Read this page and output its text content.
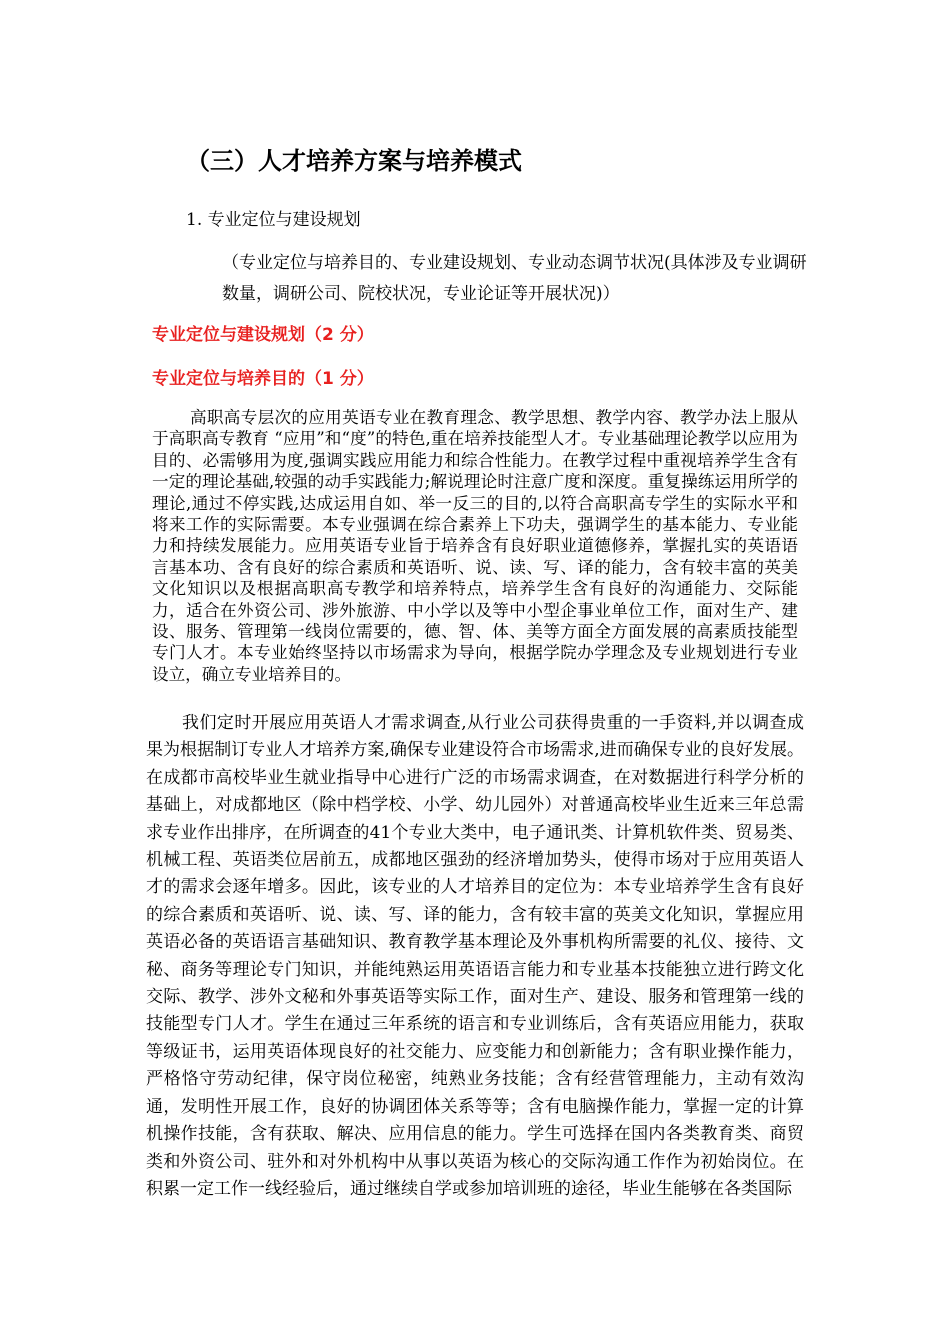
（三）人才培养方案与培养模式

1. 专业定位与建设规划

（专业定位与培养目的、专业建设规划、专业动态调节状况(具体涉及专业调研数量，调研公司、院校状况，专业论证等开展状况)）

专业定位与建设规划（2 分）

专业定位与培养目的（1 分）

高职高专层次的应用英语专业在教育理念、教学思想、教学内容、教学办法上服从于高职高专教育 “应用”和“度”的特色,重在培养技能型人才。专业基础理论教学以应用为目的、必需够用为度,强调实践应用能力和综合性能力。在教学过程中重视培养学生含有一定的理论基础,较强的动手实践能力;解说理论时注意广度和深度。重复操练运用所学的理论,通过不停实践,达成运用自如、举一反三的目的,以符合高职高专学生的实际水平和将来工作的实际需要。本专业强调在综合素养上下功夫，强调学生的基本能力、专业能力和持续发展能力。应用英语专业旨于培养含有良好职业道德修养，掌握扎实的英语语言基本功、含有良好的综合素质和英语听、说、读、写、译的能力，含有较丰富的英美文化知识以及根据高职高专教学和培养特点，培养学生含有良好的沟通能力、交际能力，适合在外资公司、涉外旅游、中小学以及等中小型企事业单位工作，面对生产、建设、服务、管理第一线岗位需要的，德、智、体、美等方面全方面发展的高素质技能型专门人才。本专业始终坚持以市场需求为导向，根据学院办学理念及专业规划进行专业设立，确立专业培养目的。

我们定时开展应用英语人才需求调查,从行业公司获得贵重的一手资料,并以调查成果为根据制订专业人才培养方案,确保专业建设符合市场需求,进而确保专业的良好发展。在成都市高校毕业生就业指导中心进行广泛的市场需求调查，在对数据进行科学分析的基础上，对成都地区（除中档学校、小学、幼儿园外）对普通高校毕业生近来三年总需求专业作出排序，在所调查的41个专业大类中，电子通讯类、计算机软件类、贸易类、机械工程、英语类位居前五，成都地区强劲的经济增加势头，使得市场对于应用英语人才的需求会逐年增多。因此，该专业的人才培养目的定位为：本专业培养学生含有良好的综合素质和英语听、说、读、写、译的能力，含有较丰富的英美文化知识，掌握应用英语必备的英语语言基础知识、教育教学基本理论及外事机构所需要的礼仪、接待、文秘、商务等理论专门知识，并能纯熟运用英语语言能力和专业基本技能独立进行跨文化交际、教学、涉外文秘和外事英语等实际工作，面对生产、建设、服务和管理第一线的技能型专门人才。学生在通过三年系统的语言和专业训练后，含有英语应用能力，获取等级证书，运用英语体现良好的社交能力、应变能力和创新能力；含有职业操作能力，严格恪守劳动纪律，保守岗位秘密，纯熟业务技能；含有经营管理能力，主动有效沟通，发明性开展工作，良好的协调团体关系等等；含有电脑操作能力，掌握一定的计算机操作技能，含有获取、解决、应用信息的能力。学生可选择在国内各类教育类、商贸类和外资公司、驻外和对外机构中从事以英语为核心的交际沟通工作作为初始岗位。在积累一定工作一线经验后，通过继续自学或参加培训班的途径，毕业生能够在各类国际
